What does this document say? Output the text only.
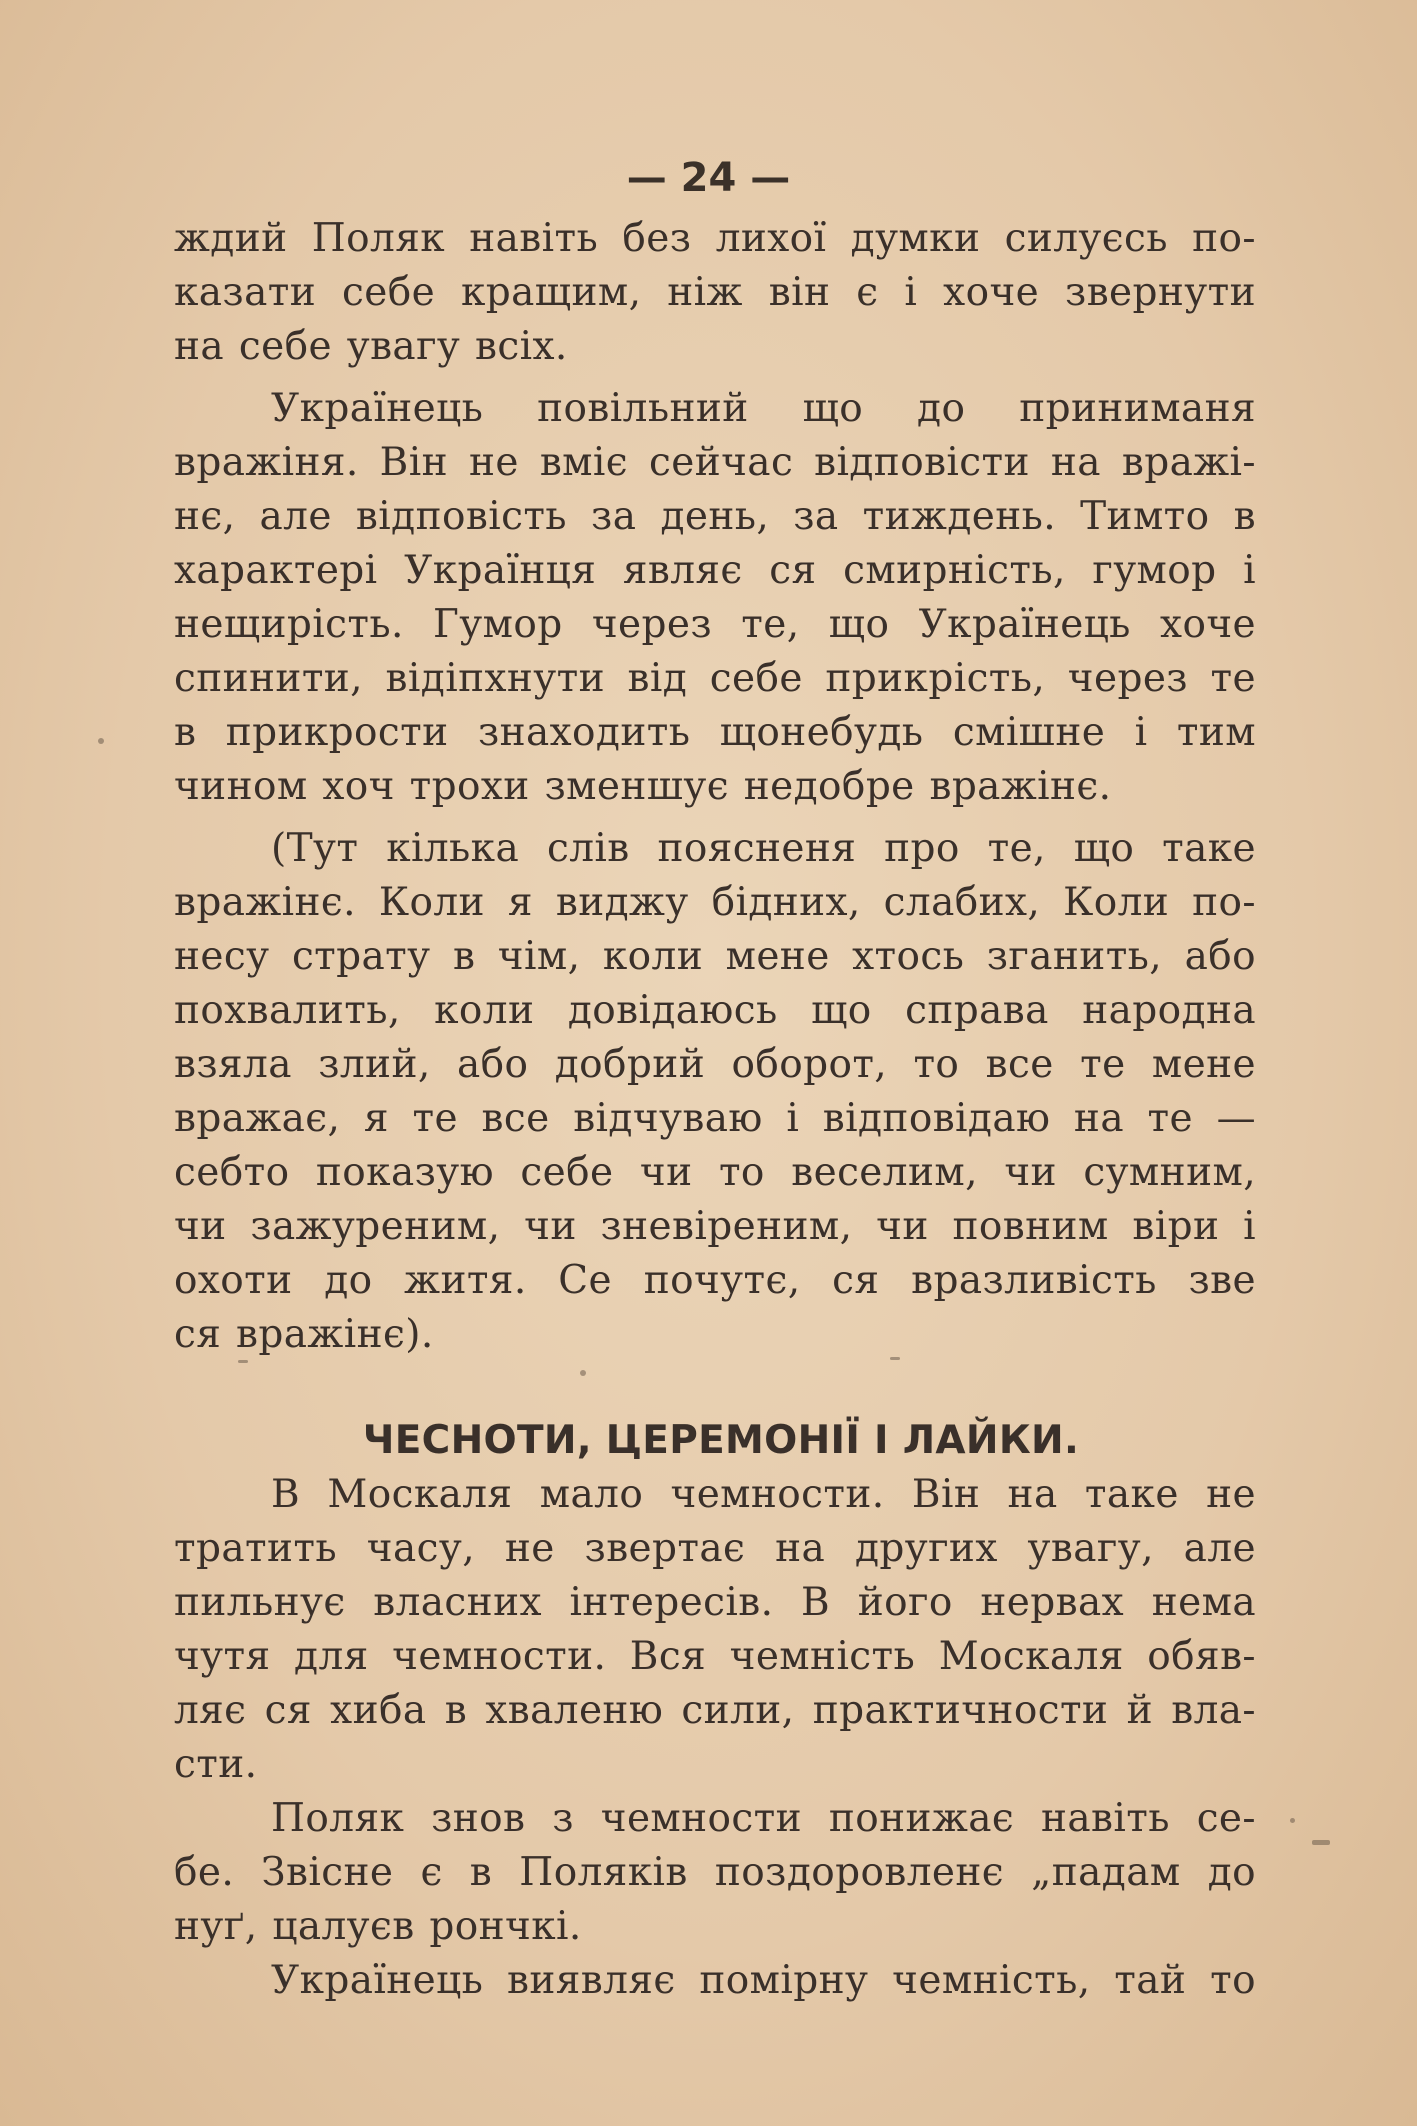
— 24 —
ждий Поляк навіть без лихої думки силуєсь по-
казати себе кращим, ніж він є і хоче звернути
на себе увагу всіх.
Українець повільний що до приниманя
вражіня. Він не вміє сейчас відповісти на вражі-
нє, але відповість за день, за тиждень. Тимто в
характері Українця являє ся смирність, гумор і
нещиріcть. Гумор через те, що Українець хоче
спинити, відіпхнути від себе прикрість, через те
в прикрости знаходить щонебудь смішне і тим
чином хоч трохи зменшує недобре вражінє.
(Тут кілька слів поясненя про те, що таке
вражінє. Коли я виджу бідних, слабих, Коли по-
несу страту в чім, коли мене хтось зганить, або
похвалить, коли довідаюсь що справа народна
взяла злий, або добрий оборот, то все те мене
вражає, я те все відчуваю і відповідаю на те —
себто показую себе чи то веселим, чи сумним,
чи зажуреним, чи зневіреним, чи повним віри і
охоти до житя. Се почутє, ся вразливість зве
ся вражінє).
ЧЕСНОТИ, ЦЕРЕМОНІЇ І ЛАЙКИ.
В Москаля мало чемности. Він на таке не
тратить часу, не звертає на других увагу, але
пильнує власних інтересів. В його нервах нема
чутя для чемности. Вся чемність Москаля обяв-
ляє ся хиба в хваленю сили, практичности й вла-
сти.
Поляк знов з чемности понижає навіть се-
бе. Звісне є в Поляків поздоровленє „падам до
нуґ, цалуєв рончкі.
Українець виявляє помірну чемність, тай то
